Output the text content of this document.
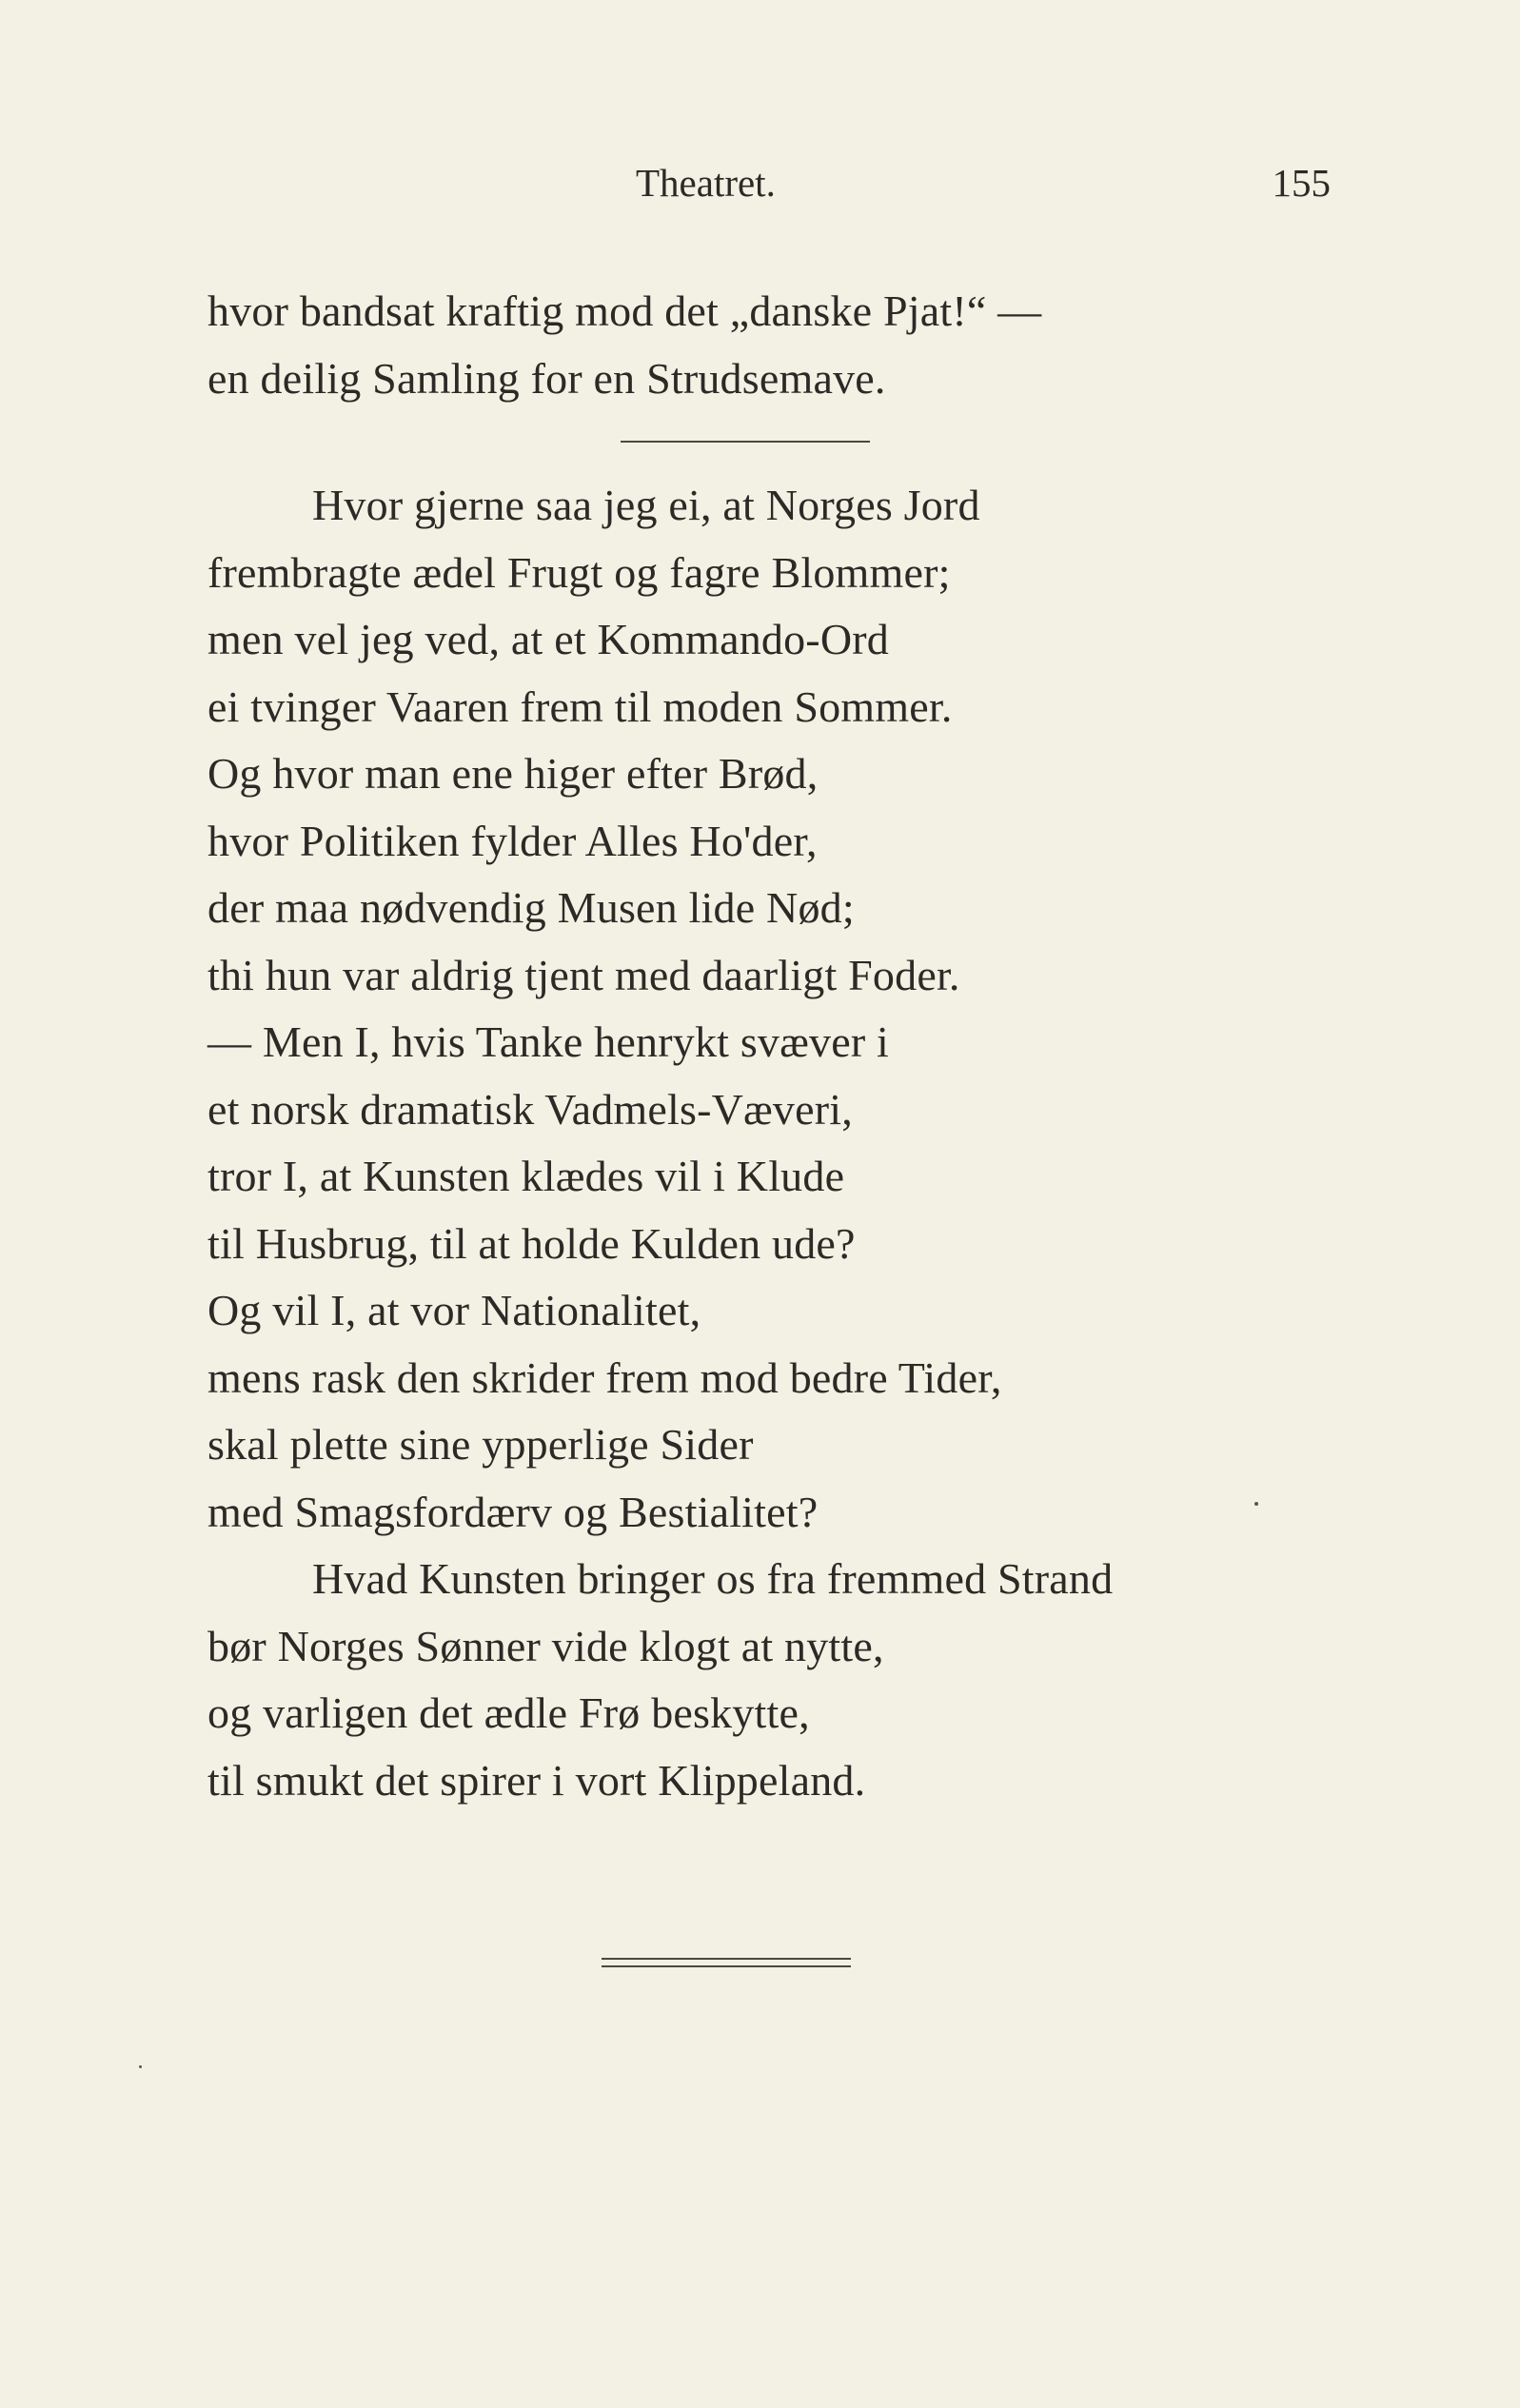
Theatret.	155
hvor bandsat kraftig mod det „danske Pjat!“ —
en deilig Samling for en Strudsemave.
Hvor gjerne saa jeg ei, at Norges Jord
frembragte ædel Frugt og fagre Blommer;
men vel jeg ved, at et Kommando-Ord
ei tvinger Vaaren frem til moden Sommer.
Og hvor man ene higer efter Brød,
hvor Politiken fylder Alles Ho'der,
der maa nødvendig Musen lide Nød;
thi hun var aldrig tjent med daarligt Foder.
— Men I, hvis Tanke henrykt svæver i
et norsk dramatisk Vadmels-Væveri,
tror I, at Kunsten klædes vil i Klude
til Husbrug, til at holde Kulden ude?
Og vil I, at vor Nationalitet,
mens rask den skrider frem mod bedre Tider,
skal plette sine ypperlige Sider
med Smagsfordærv og Bestialitet?
Hvad Kunsten bringer os fra fremmed Strand
bør Norges Sønner vide klogt at nytte,
og varligen det ædle Frø beskytte,
til smukt det spirer i vort Klippeland.
